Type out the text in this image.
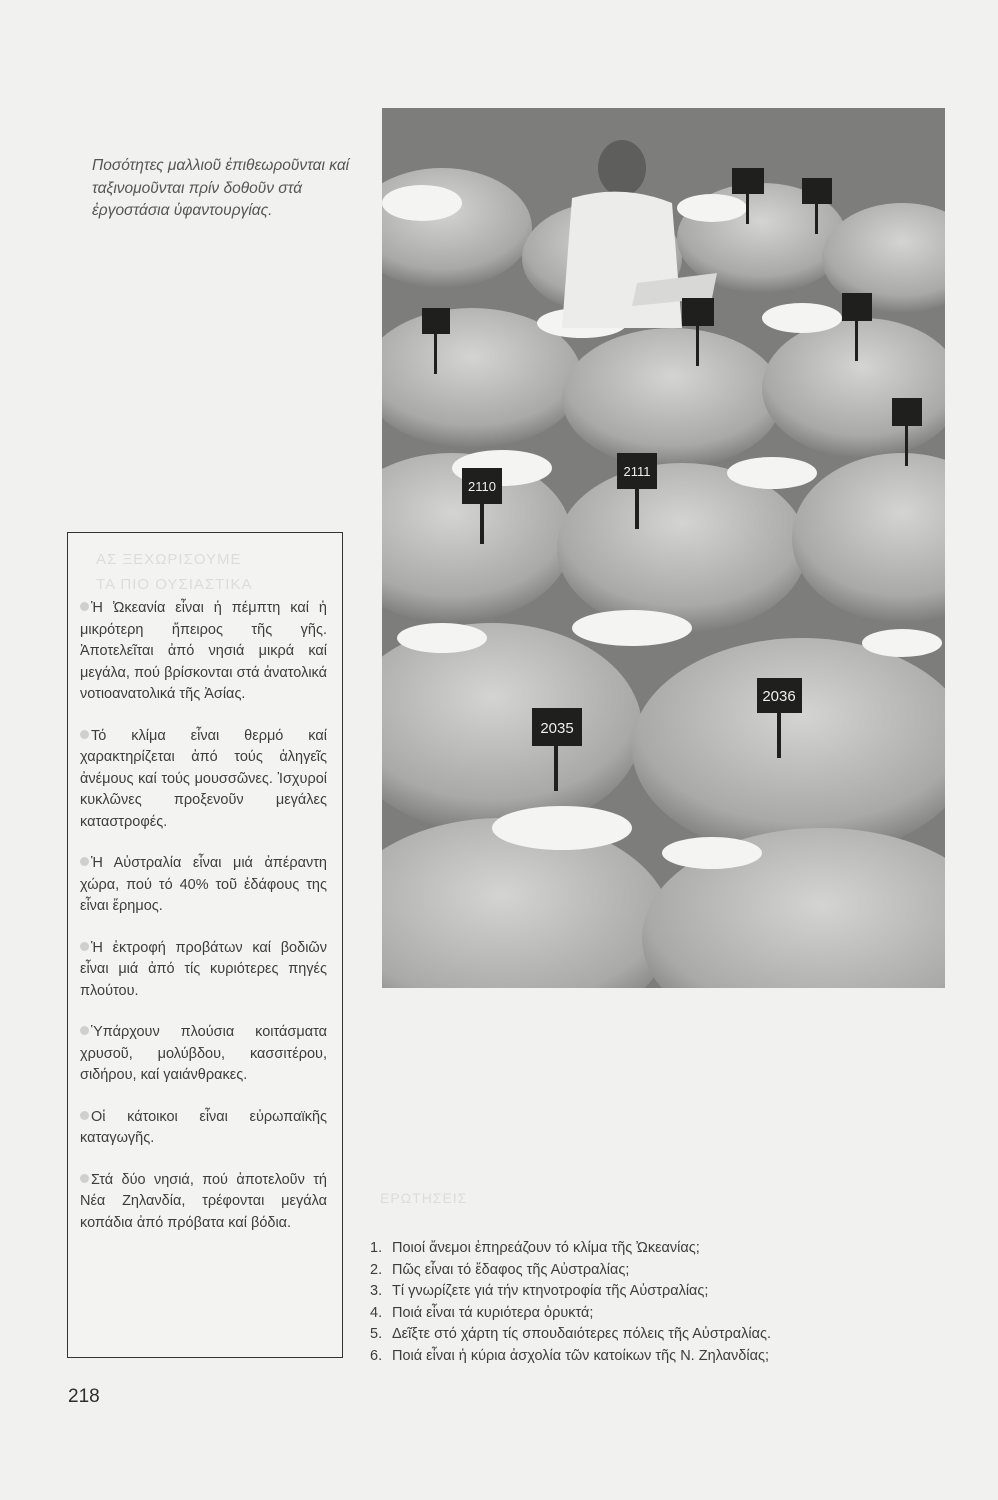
Ποσότητες μαλλιοῦ ἐπιθεωροῦνται καί ταξινομοῦνται πρίν δοθοῦν στά ἐργοστάσια ὑφαντουργίας.
2036
2035
2110
2111
ΑΣ ΞΕΧΩΡΙΣΟΥΜΕ
ΤΑ ΠΙΟ ΟΥΣΙΑΣΤΙΚΑ
Ἡ Ὠκεανία εἶναι ἡ πέμπτη καί ἡ μικρότερη ἤπειρος τῆς γῆς. Ἀποτελεῖται ἀπό νησιά μικρά καί μεγάλα, πού βρίσκονται στά ἀνατολικά νοτιοανατολικά τῆς Ἀσίας.
Τό κλίμα εἶναι θερμό καί χαρακτηρίζεται ἀπό τούς ἀληγεῖς ἀνέμους καί τούς μουσσῶνες. Ἰσχυροί κυκλῶνες προξενοῦν μεγάλες καταστροφές.
Ἡ Αὐστραλία εἶναι μιά ἀπέραντη χώρα, πού τό 40% τοῦ ἐδάφους της εἶναι ἔρημος.
Ἡ ἐκτροφή προβάτων καί βοδιῶν εἶναι μιά ἀπό τίς κυριότερες πηγές πλούτου.
Ὑπάρχουν πλούσια κοιτάσματα χρυσοῦ, μολύβδου, κασσιτέρου, σιδήρου, καί γαιάνθρακες.
Οἱ κάτοικοι εἶναι εὐρωπαϊκῆς καταγωγῆς.
Στά δύο νησιά, πού ἀποτελοῦν τή Νέα Ζηλανδία, τρέφονται μεγάλα κοπάδια ἀπό πρόβατα καί βόδια.
ΕΡΩΤΗΣΕΙΣ
1. Ποιοί ἄνεμοι ἐπηρεάζουν τό κλίμα τῆς Ὠκεανίας;
2. Πῶς εἶναι τό ἔδαφος τῆς Αὐστραλίας;
3. Τί γνωρίζετε γιά τήν κτηνοτροφία τῆς Αὐστραλίας;
4. Ποιά εἶναι τά κυριότερα ὀρυκτά;
5. Δεῖξτε στό χάρτη τίς σπουδαιότερες πόλεις τῆς Αὐστραλίας.
6. Ποιά εἶναι ἡ κύρια ἀσχολία τῶν κατοίκων τῆς Ν. Ζηλανδίας;
218
